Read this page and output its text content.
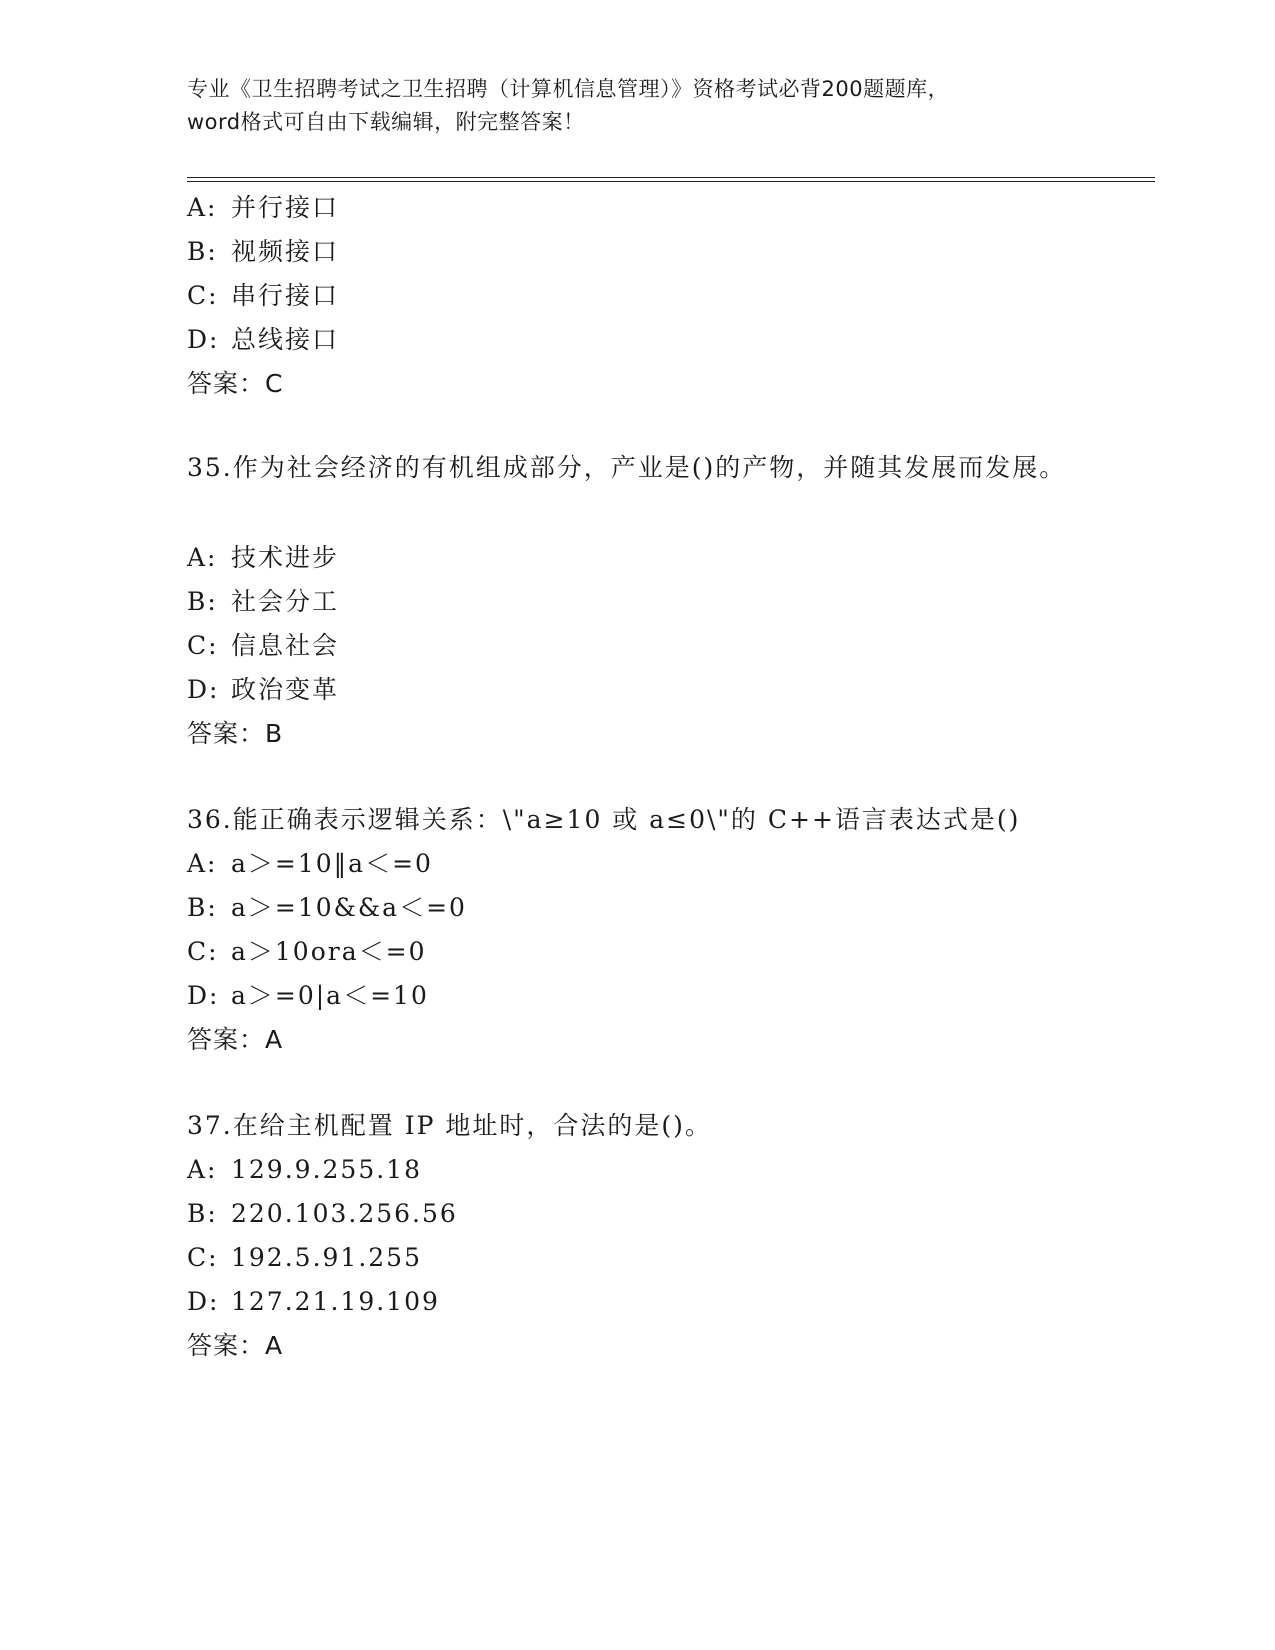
专业《卫生招聘考试之卫生招聘（计算机信息管理）》资格考试必背200题题库，
word格式可自由下载编辑，附完整答案！
A: 并行接口
B: 视频接口
C: 串行接口
D: 总线接口
答案：C
35.作为社会经济的有机组成部分，产业是()的产物，并随其发展而发展。
A: 技术进步
B: 社会分工
C: 信息社会
D: 政治变革
答案：B
36.能正确表示逻辑关系：\"a≥10 或 a≤0\"的 C++语言表达式是()
A: a＞=10‖a＜=0
B: a＞=10&&a＜=0
C: a＞10ora＜=0
D: a＞=0|a＜=10
答案：A
37.在给主机配置 IP 地址时，合法的是()。
A: 129.9.255.18
B: 220.103.256.56
C: 192.5.91.255
D: 127.21.19.109
答案：A
